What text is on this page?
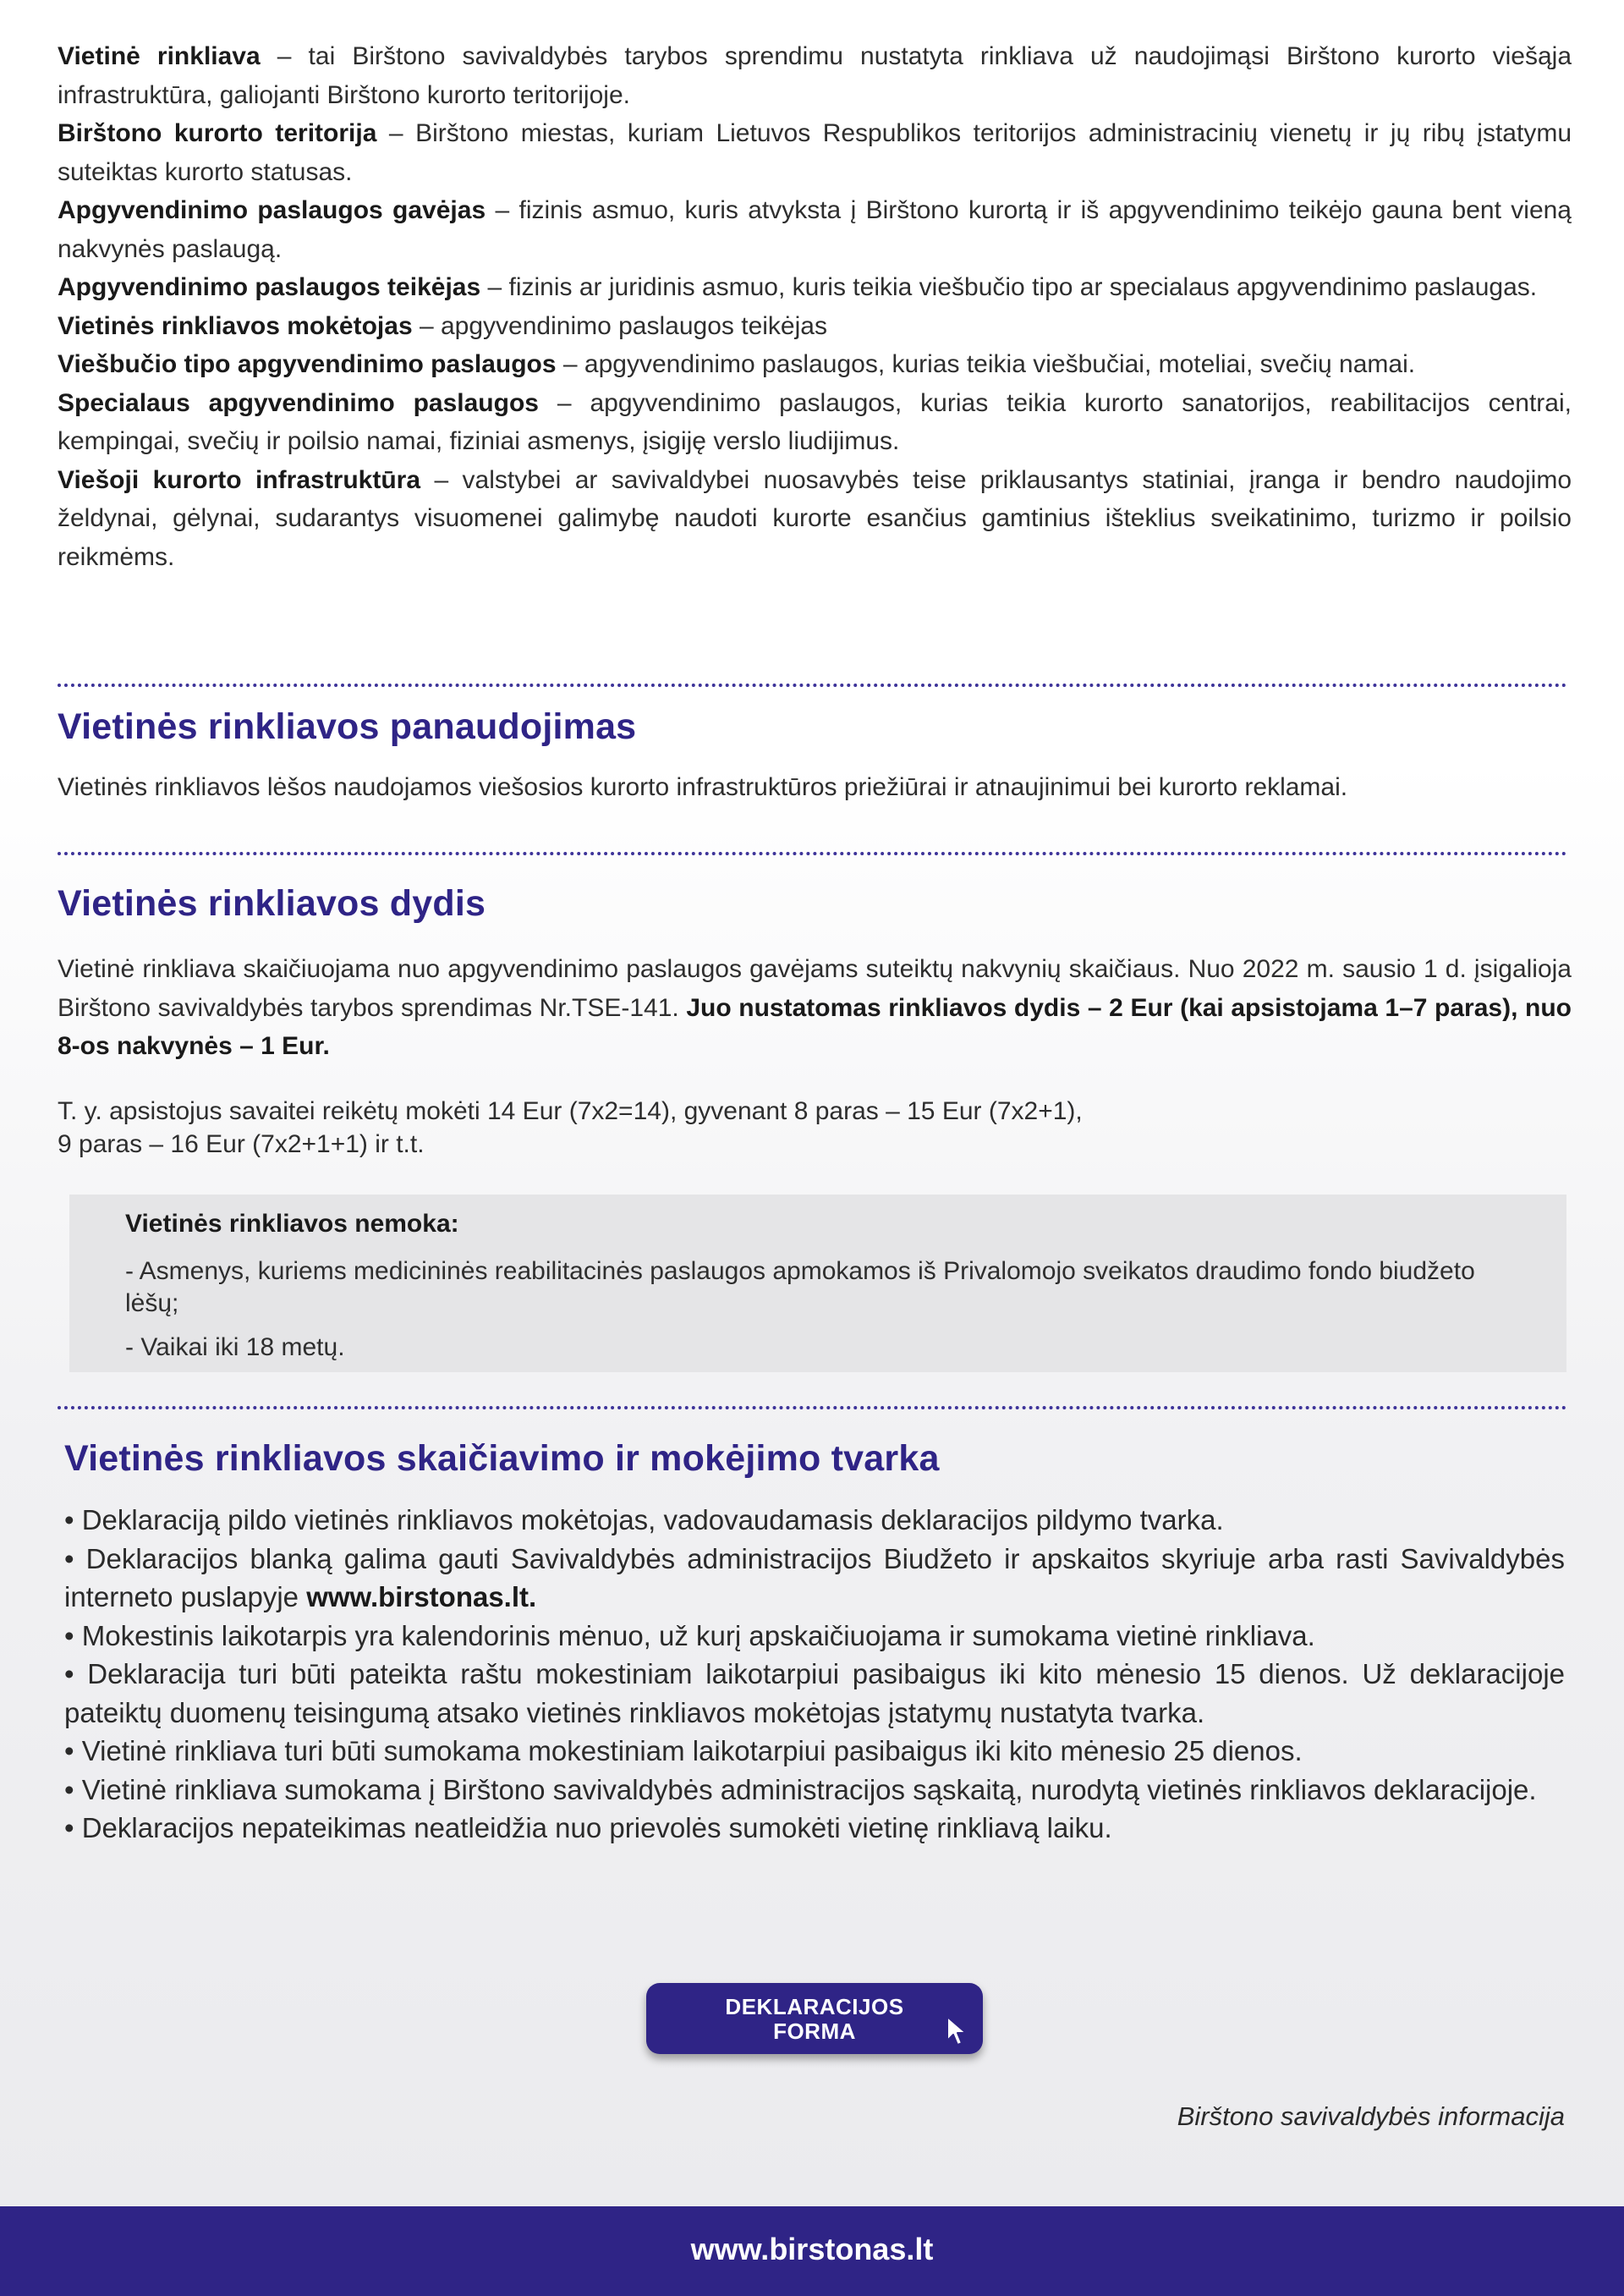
Vietinė rinkliava – tai Birštono savivaldybės tarybos sprendimu nustatyta rinkliava už naudojimąsi Birštono kurorto viešąja infrastruktūra, galiojanti Birštono kurorto teritorijoje.

Birštono kurorto teritorija – Birštono miestas, kuriam Lietuvos Respublikos teritorijos administracinių vienetų ir jų ribų įstatymu suteiktas kurorto statusas.

Apgyvendinimo paslaugos gavėjas – fizinis asmuo, kuris atvyksta į Birštono kurortą ir iš apgyvendinimo teikėjo gauna bent vieną nakvynės paslaugą.

Apgyvendinimo paslaugos teikėjas – fizinis ar juridinis asmuo, kuris teikia viešbučio tipo ar specialaus apgyvendinimo paslaugas.

Vietinės rinkliavos mokėtojas – apgyvendinimo paslaugos teikėjas

Viešbučio tipo apgyvendinimo paslaugos – apgyvendinimo paslaugos, kurias teikia viešbučiai, moteliai, svečių namai.

Specialaus apgyvendinimo paslaugos – apgyvendinimo paslaugos, kurias teikia kurorto sanatorijos, reabilitacijos centrai, kempingai, svečių ir poilsio namai, fiziniai asmenys, įsigiję verslo liudijimus.

Viešoji kurorto infrastruktūra – valstybei ar savivaldybei nuosavybės teise priklausantys statiniai, įranga ir bendro naudojimo želdynai, gėlynai, sudarantys visuomenei galimybę naudoti kurorte esančius gamtinius išteklius sveikatinimo, turizmo ir poilsio reikmėms.

Vietinės rinkliavos panaudojimas

Vietinės rinkliavos lėšos naudojamos viešosios kurorto infrastruktūros priežiūrai ir atnaujinimui bei kurorto reklamai.

Vietinės rinkliavos dydis

Vietinė rinkliava skaičiuojama nuo apgyvendinimo paslaugos gavėjams suteiktų nakvynių skaičiaus. Nuo 2022 m. sausio 1 d. įsigalioja Birštono savivaldybės tarybos sprendimas Nr.TSE-141. Juo nustatomas rinkliavos dydis – 2 Eur (kai apsistojama 1–7 paras), nuo 8-os nakvynės – 1 Eur.

T. y. apsistojus savaitei reikėtų mokėti 14 Eur (7x2=14), gyvenant 8 paras – 15 Eur (7x2+1),
9 paras – 16 Eur (7x2+1+1) ir t.t.

Vietinės rinkliavos nemoka:
- Asmenys, kuriems medicininės reabilitacinės paslaugos apmokamos iš Privalomojo sveikatos draudimo fondo biudžeto lėšų;
- Vaikai iki 18 metų.
Vietinės rinkliavos skaičiavimo ir mokėjimo tvarka

• Deklaraciją pildo vietinės rinkliavos mokėtojas, vadovaudamasis deklaracijos pildymo tvarka.

• Deklaracijos blanką galima gauti Savivaldybės administracijos Biudžeto ir apskaitos skyriuje arba rasti Savivaldybės interneto puslapyje www.birstonas.lt.

• Mokestinis laikotarpis yra kalendorinis mėnuo, už kurį apskaičiuojama ir sumokama vietinė rinkliava.

• Deklaracija turi būti pateikta raštu mokestiniam laikotarpiui pasibaigus iki kito mėnesio 15 dienos. Už deklaracijoje pateiktų duomenų teisingumą atsako vietinės rinkliavos mokėtojas įstatymų nustatyta tvarka.

• Vietinė rinkliava turi būti sumokama mokestiniam laikotarpiui pasibaigus iki kito mėnesio 25 dienos.

• Vietinė rinkliava sumokama į Birštono savivaldybės administracijos sąskaitą, nurodytą vietinės rinkliavos deklaracijoje.

• Deklaracijos nepateikimas neatleidžia nuo prievolės sumokėti vietinę rinkliavą laiku.

DEKLARACIJOS
FORMA
Birštono savivaldybės informacija
www.birstonas.lt
